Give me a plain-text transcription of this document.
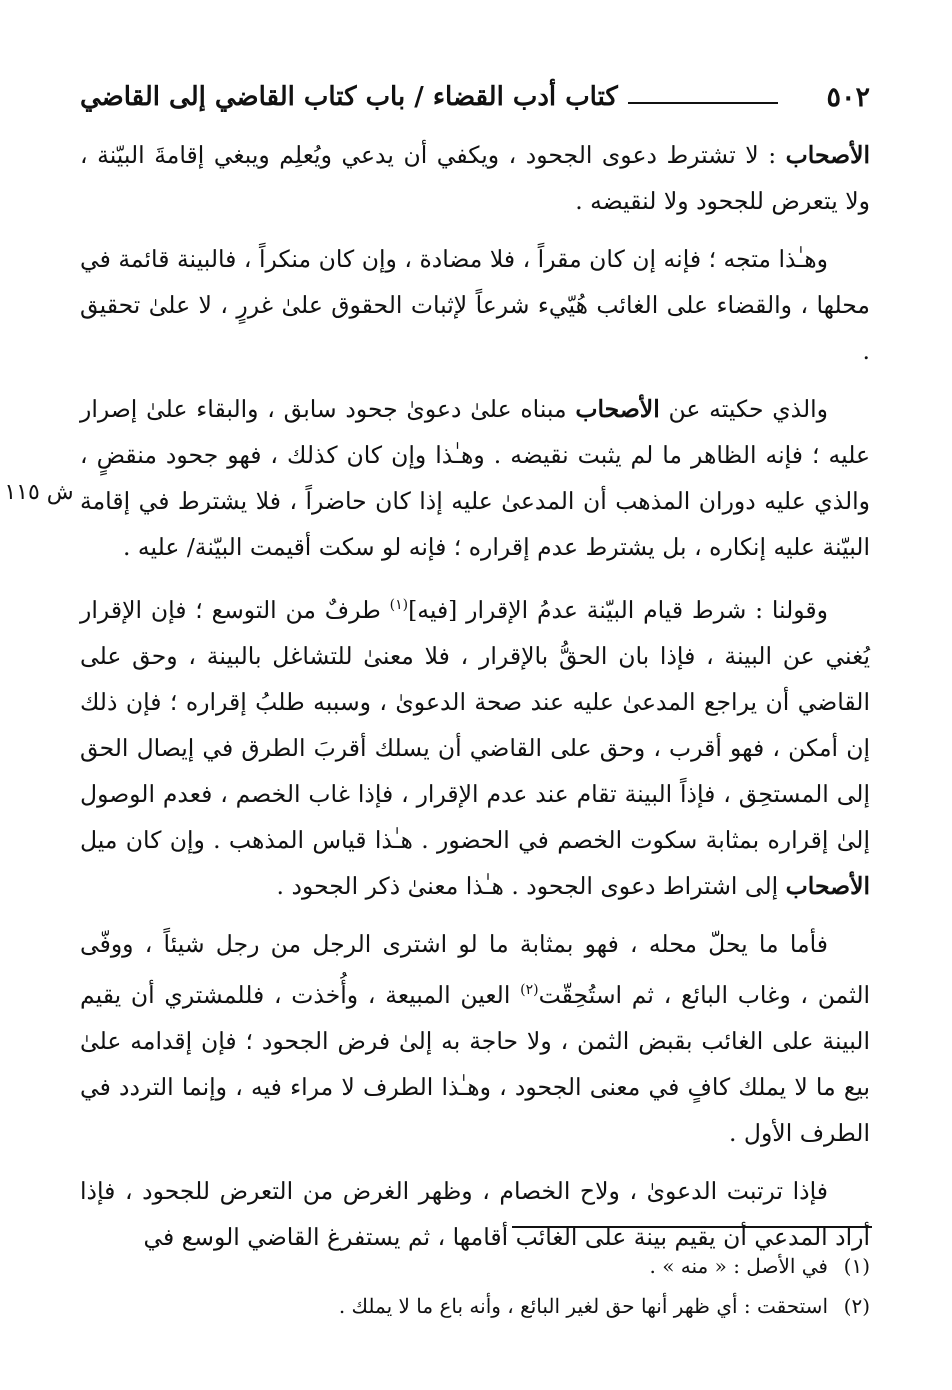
٥٠٢
كتاب أدب القضاء / باب كتاب القاضي إلى القاضي
ش ١١٥

الأصحاب : لا تشترط دعوى الجحود ، ويكفي أن يدعي ويُعلِم ويبغي إقامةَ البيّنة ، ولا يتعرض للجحود ولا لنقيضه .

وهـٰذا متجه ؛ فإنه إن كان مقراً ، فلا مضادة ، وإن كان منكراً ، فالبينة قائمة في محلها ، والقضاء على الغائب هُيّيء شرعاً لإثبات الحقوق علىٰ غررٍ ، لا علىٰ تحقيق .

والذي حكيته عن الأصحاب مبناه علىٰ دعوىٰ جحود سابق ، والبقاء علىٰ إصرار عليه ؛ فإنه الظاهر ما لم يثبت نقيضه . وهـٰذا وإن كان كذلك ، فهو جحود منقضٍ ، والذي عليه دوران المذهب أن المدعىٰ عليه إذا كان حاضراً ، فلا يشترط في إقامة البيّنة عليه إنكاره ، بل يشترط عدم إقراره ؛ فإنه لو سكت أقيمت البيّنة/ عليه .

وقولنا : شرط قيام البيّنة عدمُ الإقرار [فيه]$^{(١)}$ طرفٌ من التوسع ؛ فإن الإقرار يُغني عن البينة ، فإذا بان الحقُّ بالإقرار ، فلا معنىٰ للتشاغل بالبينة ، وحق على القاضي أن يراجع المدعىٰ عليه عند صحة الدعوىٰ ، وسببه طلبُ إقراره ؛ فإن ذلك إن أمكن ، فهو أقرب ، وحق على القاضي أن يسلك أقربَ الطرق في إيصال الحق إلى المستحِق ، فإذاً البينة تقام عند عدم الإقرار ، فإذا غاب الخصم ، فعدم الوصول إلىٰ إقراره بمثابة سكوت الخصم في الحضور . هـٰذا قياس المذهب . وإن كان ميل الأصحاب إلى اشتراط دعوى الجحود . هـٰذا معنىٰ ذكر الجحود .

فأما ما يحلّ محله ، فهو بمثابة ما لو اشترى الرجل من رجل شيئاً ، ووفّى الثمن ، وغاب البائع ، ثم استُحِقّت$^{(٢)}$ العين المبيعة ، وأُخذت ، فللمشتري أن يقيم البينة على الغائب بقبض الثمن ، ولا حاجة به إلىٰ فرض الجحود ؛ فإن إقدامه علىٰ بيع ما لا يملك كافٍ في معنى الجحود ، وهـٰذا الطرف لا مراء فيه ، وإنما التردد في الطرف الأول .

فإذا ترتبت الدعوىٰ ، ولاح الخصام ، وظهر الغرض من التعرض للجحود ، فإذا أراد المدعي أن يقيم بينة على الغائب أقامها ، ثم يستفرغ القاضي الوسع في

(١)في الأصل : « منه » .
(٢)استحقت : أي ظهر أنها حق لغير البائع ، وأنه باع ما لا يملك .
